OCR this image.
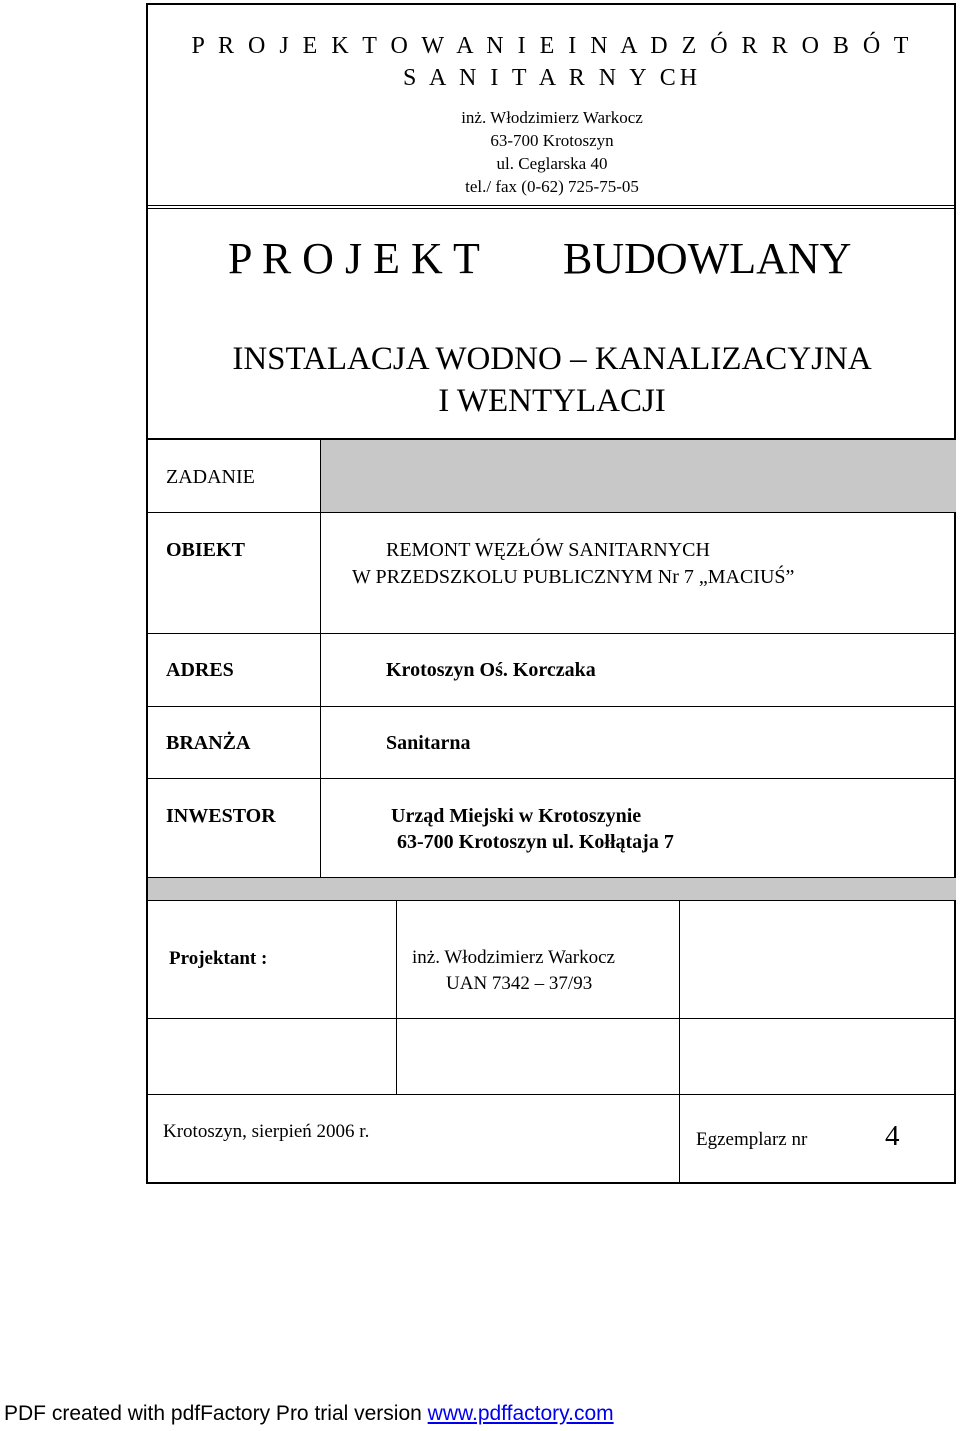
P R O J E K T O W A N I E I N A D Z Ó R R O B Ó T
S A N I T A R N Y CH
inż. Włodzimierz Warkocz
63-700 Krotoszyn
ul. Ceglarska 40
tel./ fax (0-62) 725-75-05
P R O J E K T BUDOWLANY
INSTALACJA WODNO – KANALIZACYJNA
I WENTYLACJI
ZADANIE
OBIEKT	REMONT WĘZŁÓW SANITARNYCH
W PRZEDSZKOLU PUBLICZNYM Nr 7 „MACIUŚ”
ADRES	Krotoszyn Oś. Korczaka
BRANŻA	Sanitarna
INWESTOR	Urząd Miejski w Krotoszynie
63-700 Krotoszyn ul. Kołłątaja 7
Projektant :	inż. Włodzimierz Warkocz
UAN 7342 – 37/93
Krotoszyn, sierpień 2006 r.	Egzemplarz nr	4
PDF created with pdfFactory Pro trial version www.pdffactory.com
